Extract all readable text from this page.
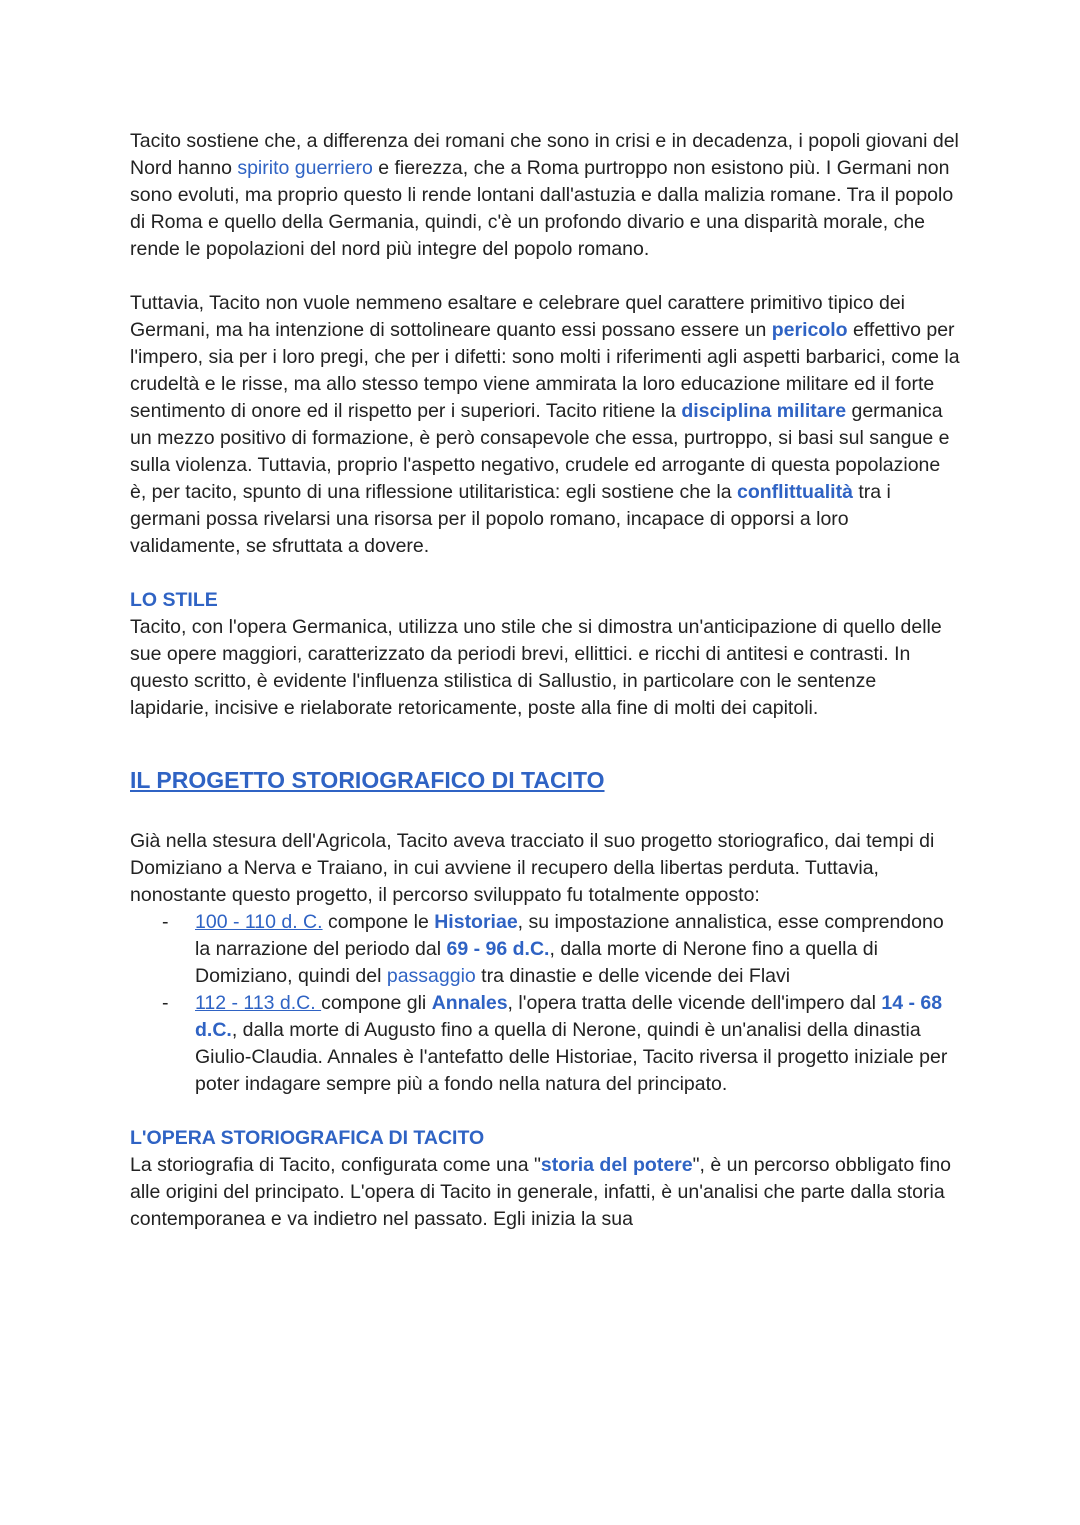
Tacito sostiene che, a differenza dei romani che sono in crisi e in decadenza, i popoli giovani del Nord hanno spirito guerriero e fierezza, che a Roma purtroppo non esistono più. I Germani non sono evoluti, ma proprio questo li rende lontani dall'astuzia e dalla malizia romane. Tra il popolo di Roma e quello della Germania, quindi, c'è un profondo divario e una disparità morale, che rende le popolazioni del nord più integre del popolo romano.

Tuttavia, Tacito non vuole nemmeno esaltare e celebrare quel carattere primitivo tipico dei Germani, ma ha intenzione di sottolineare quanto essi possano essere un pericolo effettivo per l'impero, sia per i loro pregi, che per i difetti: sono molti i riferimenti agli aspetti barbarici, come la crudeltà e le risse, ma allo stesso tempo viene ammirata la loro educazione militare ed il forte sentimento di onore ed il rispetto per i superiori. Tacito ritiene la disciplina militare germanica un mezzo positivo di formazione, è però consapevole che essa, purtroppo, si basi sul sangue e sulla violenza. Tuttavia, proprio l'aspetto negativo, crudele ed arrogante di questa popolazione è, per tacito, spunto di una riflessione utilitaristica: egli sostiene che la conflittualità tra i germani possa rivelarsi una risorsa per il popolo romano, incapace di opporsi a loro validamente, se sfruttata a dovere.

LO STILE

Tacito, con l'opera Germanica, utilizza uno stile che si dimostra un'anticipazione di quello delle sue opere maggiori, caratterizzato da periodi brevi, ellittici. e ricchi di antitesi e contrasti. In questo scritto, è evidente l'influenza stilistica di Sallustio, in particolare con le sentenze lapidarie, incisive e rielaborate retoricamente, poste alla fine di molti dei capitoli.

IL PROGETTO STORIOGRAFICO DI TACITO

Già nella stesura dell'Agricola, Tacito aveva tracciato il suo progetto storiografico, dai tempi di Domiziano a Nerva e Traiano, in cui avviene il recupero della libertas perduta. Tuttavia, nonostante questo progetto, il percorso sviluppato fu totalmente opposto:

- 100 - 110 d. C. compone le Historiae, su impostazione annalistica, esse comprendono la narrazione del periodo dal 69 - 96 d.C., dalla morte di Nerone fino a quella di Domiziano, quindi del passaggio tra dinastie e delle vicende dei Flavi
- 112 - 113 d.C. compone gli Annales, l'opera tratta delle vicende dell'impero dal 14 - 68 d.C., dalla morte di Augusto fino a quella di Nerone, quindi è un'analisi della dinastia Giulio-Claudia. Annales è l'antefatto delle Historiae, Tacito riversa il progetto iniziale per poter indagare sempre più a fondo nella natura del principato.

L'OPERA STORIOGRAFICA DI TACITO

La storiografia di Tacito, configurata come una "storia del potere", è un percorso obbligato fino alle origini del principato. L'opera di Tacito in generale, infatti, è un'analisi che parte dalla storia contemporanea e va indietro nel passato. Egli inizia la sua
